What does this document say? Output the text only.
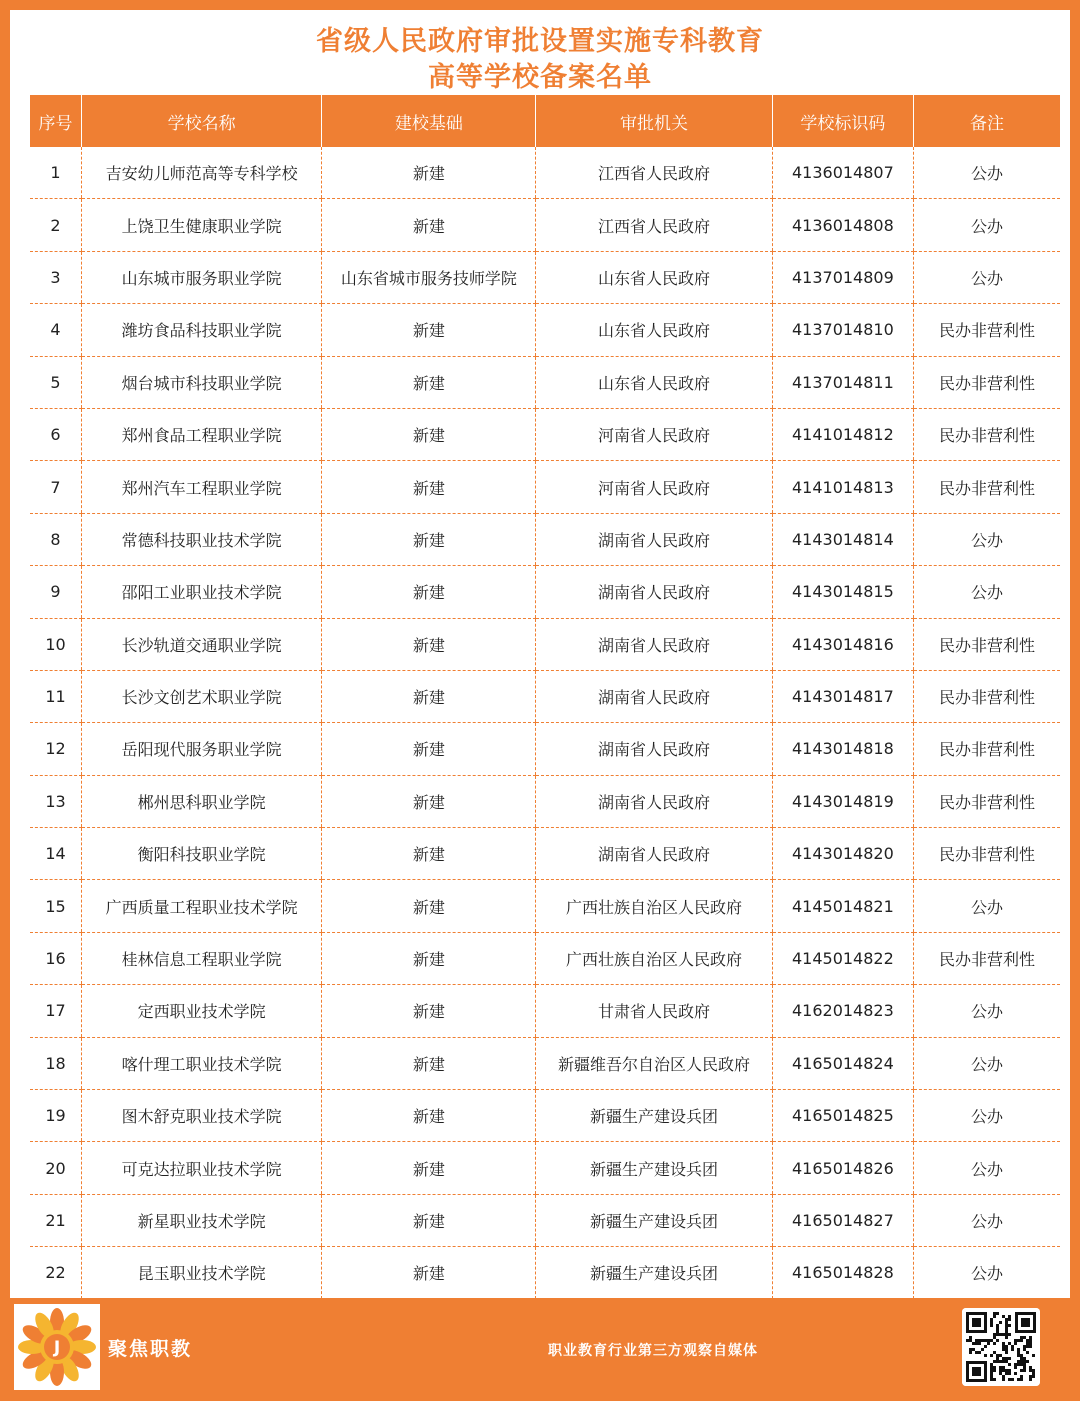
省级人民政府审批设置实施专科教育
高等学校备案名单
序号	学校名称	建校基础	审批机关	学校标识码	备注
1	吉安幼儿师范高等专科学校	新建	江西省人民政府	4136014807	公办
2	上饶卫生健康职业学院	新建	江西省人民政府	4136014808	公办
3	山东城市服务职业学院	山东省城市服务技师学院	山东省人民政府	4137014809	公办
4	潍坊食品科技职业学院	新建	山东省人民政府	4137014810	民办非营利性
5	烟台城市科技职业学院	新建	山东省人民政府	4137014811	民办非营利性
6	郑州食品工程职业学院	新建	河南省人民政府	4141014812	民办非营利性
7	郑州汽车工程职业学院	新建	河南省人民政府	4141014813	民办非营利性
8	常德科技职业技术学院	新建	湖南省人民政府	4143014814	公办
9	邵阳工业职业技术学院	新建	湖南省人民政府	4143014815	公办
10	长沙轨道交通职业学院	新建	湖南省人民政府	4143014816	民办非营利性
11	长沙文创艺术职业学院	新建	湖南省人民政府	4143014817	民办非营利性
12	岳阳现代服务职业学院	新建	湖南省人民政府	4143014818	民办非营利性
13	郴州思科职业学院	新建	湖南省人民政府	4143014819	民办非营利性
14	衡阳科技职业学院	新建	湖南省人民政府	4143014820	民办非营利性
15	广西质量工程职业技术学院	新建	广西壮族自治区人民政府	4145014821	公办
16	桂林信息工程职业学院	新建	广西壮族自治区人民政府	4145014822	民办非营利性
17	定西职业技术学院	新建	甘肃省人民政府	4162014823	公办
18	喀什理工职业技术学院	新建	新疆维吾尔自治区人民政府	4165014824	公办
19	图木舒克职业技术学院	新建	新疆生产建设兵团	4165014825	公办
20	可克达拉职业技术学院	新建	新疆生产建设兵团	4165014826	公办
21	新星职业技术学院	新建	新疆生产建设兵团	4165014827	公办
22	昆玉职业技术学院	新建	新疆生产建设兵团	4165014828	公办
J	聚焦职教	职业教育行业第三方观察自媒体
